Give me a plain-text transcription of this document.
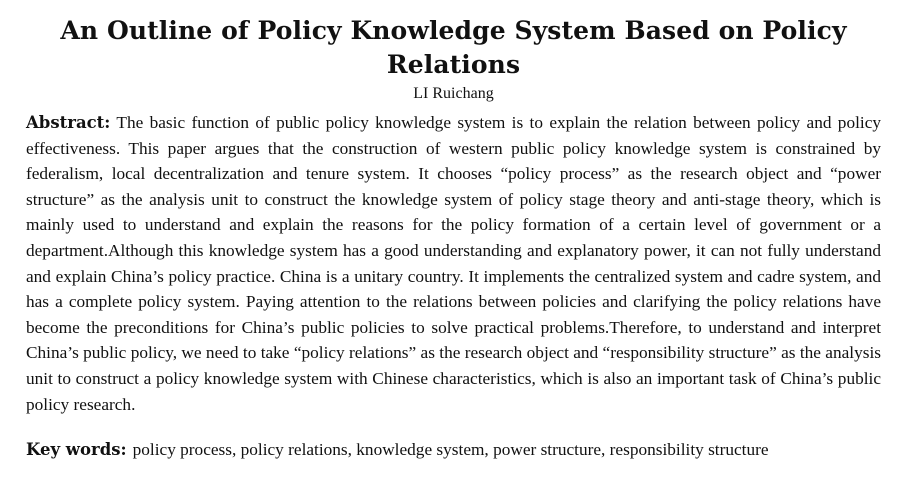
An Outline of Policy Knowledge System Based on Policy Relations
LI Ruichang

Abstract: The basic function of public policy knowledge system is to explain the relation between policy and policy effectiveness. This paper argues that the construction of western public policy knowledge system is constrained by federalism, local decentralization and tenure system. It chooses “policy process” as the research object and “power structure” as the analysis unit to construct the knowledge system of policy stage theory and anti-stage theory, which is mainly used to understand and explain the reasons for the policy formation of a certain level of government or a department.Although this knowledge system has a good understanding and explanatory power, it can not fully understand and explain China’s policy practice. China is a unitary country. It implements the centralized system and cadre system, and has a complete policy system. Paying attention to the relations between policies and clarifying the policy relations have become the preconditions for China’s public policies to solve practical problems.Therefore, to understand and interpret China’s public policy, we need to take “policy relations” as the research object and “responsibility structure” as the analysis unit to construct a policy knowledge system with Chinese characteristics, which is also an important task of China’s public policy research.

Key words: policy process, policy relations, knowledge system, power structure, responsibility structure
